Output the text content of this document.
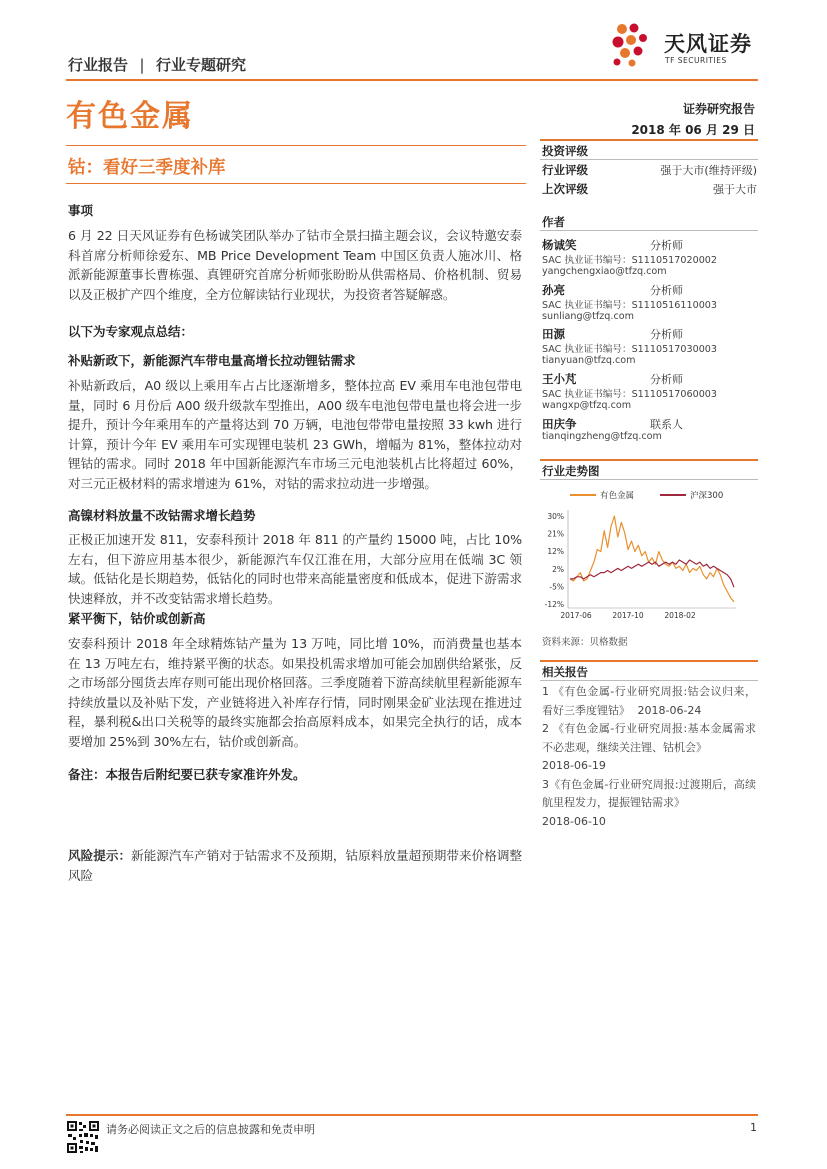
行业报告 | 行业专题研究
天风证券
TF SECURITIES
有色金属	证券研究报告
2018 年 06 月 29 日
钴：看好三季度补库
事项
6 月 22 日天风证券有色杨诚笑团队举办了钴市全景扫描主题会议，会议特邀安泰科首席分析师徐爱东、MB Price Development Team 中国区负责人施冰川、格派新能源董事长曹栋强、真锂研究首席分析师张盼盼从供需格局、价格机制、贸易以及正极扩产四个维度，全方位解读钴行业现状，为投资者答疑解惑。
以下为专家观点总结：
补贴新政下，新能源汽车带电量高增长拉动锂钴需求
补贴新政后，A0 级以上乘用车占占比逐渐增多，整体拉高 EV 乘用车电池包带电量，同时 6 月份后 A00 级升级款车型推出，A00 级车电池包带电量也将会进一步提升，预计今年乘用车的产量将达到 70 万辆，电池包带带电量按照 33 kwh 进行计算，预计今年 EV 乘用车可实现锂电装机 23 GWh，增幅为 81%，整体拉动对锂钴的需求。同时 2018 年中国新能源汽车市场三元电池装机占比将超过 60%，对三元正极材料的需求增速为 61%，对钴的需求拉动进一步增强。
高镍材料放量不改钴需求增长趋势
正极正加速开发 811，安泰科预计 2018 年 811 的产量约 15000 吨，占比 10%左右，但下游应用基本很少，新能源汽车仅江淮在用，大部分应用在低端 3C 领域。低钴化是长期趋势，低钴化的同时也带来高能量密度和低成本，促进下游需求快速释放，并不改变钴需求增长趋势。
紧平衡下，钴价或创新高
安泰科预计 2018 年全球精炼钴产量为 13 万吨，同比增 10%，而消费量也基本在 13 万吨左右，维持紧平衡的状态。如果投机需求增加可能会加剧供给紧张，反之市场部分囤货去库存则可能出现价格回落。三季度随着下游高续航里程新能源车持续放量以及补贴下发，产业链将进入补库存行情，同时刚果金矿业法现在推进过程，暴利税&出口关税等的最终实施都会抬高原料成本，如果完全执行的话，成本要增加 25%到 30%左右，钴价或创新高。
备注：本报告后附纪要已获专家准许外发。
风险提示：新能源汽车产销对于钴需求不及预期，钴原料放量超预期带来价格调整风险
投资评级
行业评级	强于大市(维持评级)
上次评级	强于大市
作者
杨诚笑	分析师
SAC 执业证书编号：S1110517020002
yangchengxiao@tfzq.com
孙亮	分析师
SAC 执业证书编号：S1110516110003
sunliang@tfzq.com
田源	分析师
SAC 执业证书编号：S1110517030003
tianyuan@tfzq.com
王小芃	分析师
SAC 执业证书编号：S1110517060003
wangxp@tfzq.com
田庆争	联系人
tianqingzheng@tfzq.com
行业走势图
有色金属	沪深300
30%
21%
12%
2%
-5%
-12%
2017-06	2017-10	2018-02
资料来源：贝格数据
相关报告
1 《有色金属-行业研究周报:钴会议归来，看好三季度锂钴》 2018-06-24
2 《有色金属-行业研究周报:基本金属需求不必悲观，继续关注锂、钴机会》
2018-06-19
3《有色金属-行业研究周报:过渡期后，高续航里程发力，提振锂钴需求》
2018-06-10
请务必阅读正文之后的信息披露和免责申明	1
